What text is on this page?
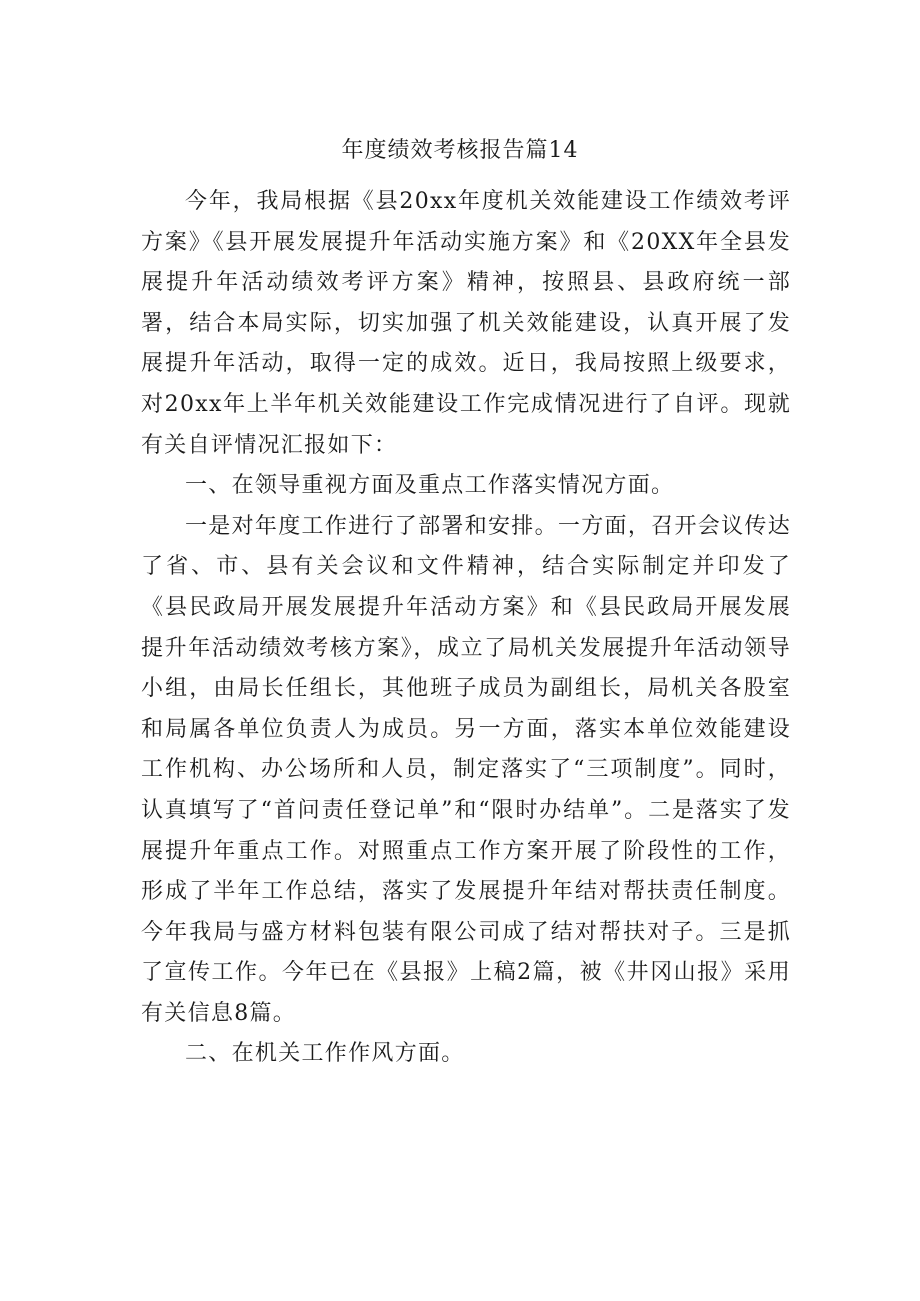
年度绩效考核报告篇14

今年，我局根据《县20xx年度机关效能建设工作绩效考评方案》《县开展发展提升年活动实施方案》和《20XX年全县发展提升年活动绩效考评方案》精神，按照县、县政府统一部署，结合本局实际，切实加强了机关效能建设，认真开展了发展提升年活动，取得一定的成效。近日，我局按照上级要求，对20xx年上半年机关效能建设工作完成情况进行了自评。现就有关自评情况汇报如下：

一、在领导重视方面及重点工作落实情况方面。

一是对年度工作进行了部署和安排。一方面，召开会议传达了省、市、县有关会议和文件精神，结合实际制定并印发了《县民政局开展发展提升年活动方案》和《县民政局开展发展提升年活动绩效考核方案》，成立了局机关发展提升年活动领导小组，由局长任组长，其他班子成员为副组长，局机关各股室和局属各单位负责人为成员。另一方面，落实本单位效能建设工作机构、办公场所和人员，制定落实了“三项制度”。同时，认真填写了“首问责任登记单”和“限时办结单”。二是落实了发展提升年重点工作。对照重点工作方案开展了阶段性的工作，形成了半年工作总结，落实了发展提升年结对帮扶责任制度。今年我局与盛方材料包装有限公司成了结对帮扶对子。三是抓了宣传工作。今年已在《县报》上稿2篇，被《井冈山报》采用有关信息8篇。

二、在机关工作作风方面。
